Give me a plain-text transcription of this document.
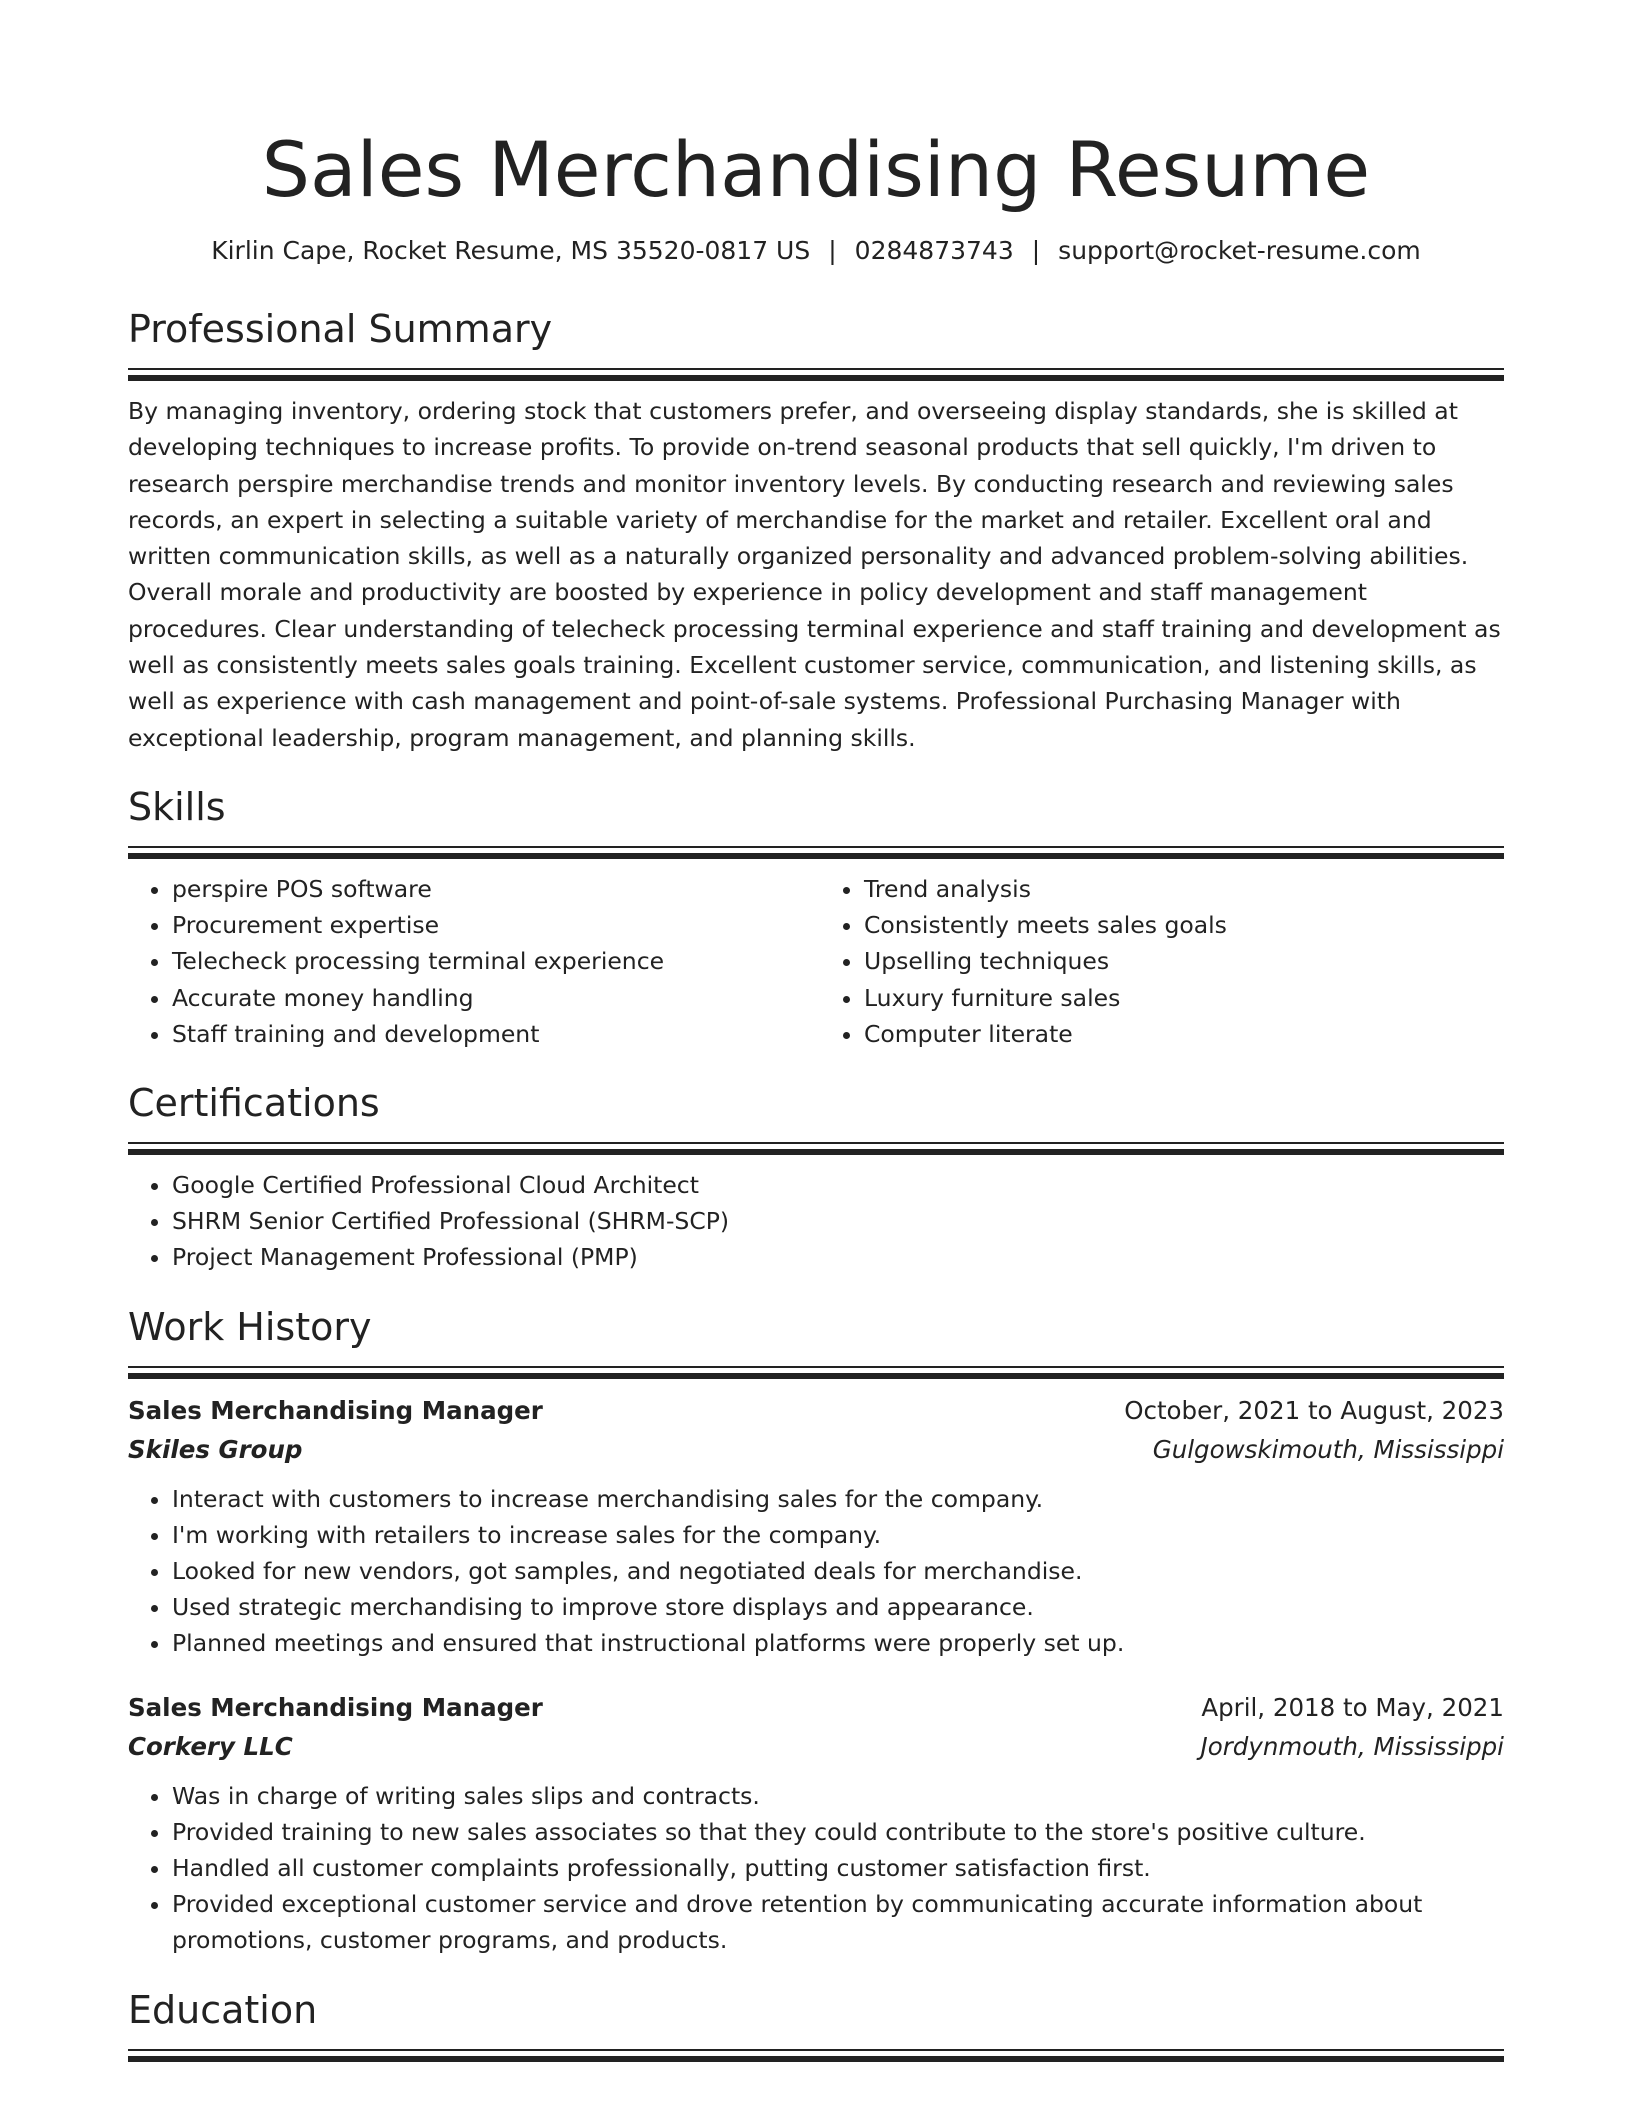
Sales Merchandising Resume
Kirlin Cape, Rocket Resume, MS 35520-0817 US | 0284873743 | support@rocket-resume.com
Professional Summary

By managing inventory, ordering stock that customers prefer, and overseeing display standards, she is skilled at developing techniques to increase profits. To provide on-trend seasonal products that sell quickly, I'm driven to research perspire merchandise trends and monitor inventory levels. By conducting research and reviewing sales records, an expert in selecting a suitable variety of merchandise for the market and retailer. Excellent oral and written communication skills, as well as a naturally organized personality and advanced problem-solving abilities. Overall morale and productivity are boosted by experience in policy development and staff management procedures. Clear understanding of telecheck processing terminal experience and staff training and development as well as consistently meets sales goals training. Excellent customer service, communication, and listening skills, as well as experience with cash management and point-of-sale systems. Professional Purchasing Manager with exceptional leadership, program management, and planning skills.

Skills
• perspire POS software
• Procurement expertise
• Telecheck processing terminal experience
• Accurate money handling
• Staff training and development
• Trend analysis
• Consistently meets sales goals
• Upselling techniques
• Luxury furniture sales
• Computer literate
Certifications
• Google Certified Professional Cloud Architect
• SHRM Senior Certified Professional (SHRM-SCP)
• Project Management Professional (PMP)
Work History
Sales Merchandising Manager	October, 2021 to August, 2023
Skiles Group	Gulgowskimouth, Mississippi
• Interact with customers to increase merchandising sales for the company.
• I'm working with retailers to increase sales for the company.
• Looked for new vendors, got samples, and negotiated deals for merchandise.
• Used strategic merchandising to improve store displays and appearance.
• Planned meetings and ensured that instructional platforms were properly set up.
Sales Merchandising Manager	April, 2018 to May, 2021
Corkery LLC	Jordynmouth, Mississippi
• Was in charge of writing sales slips and contracts.
• Provided training to new sales associates so that they could contribute to the store's positive culture.
• Handled all customer complaints professionally, putting customer satisfaction first.
• Provided exceptional customer service and drove retention by communicating accurate information about promotions, customer programs, and products.
Education
